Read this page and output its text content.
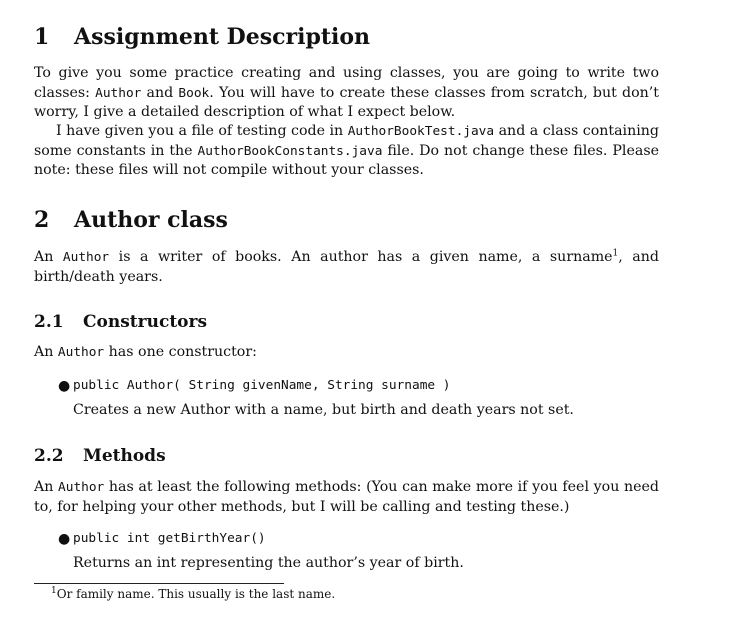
1 Assignment Description

To give you some practice creating and using classes, you are going to write two classes: Author and Book. You will have to create these classes from scratch, but don’t worry, I give a detailed description of what I expect below.

I have given you a file of testing code in AuthorBookTest.java and a class containing some constants in the AuthorBookConstants.java file. Do not change these files. Please note: these files will not compile without your classes.

2 Author class

An Author is a writer of books. An author has a given name, a surname$^1$, and birth/death years.

2.1 Constructors

An Author has one constructor:

● public Author( String givenName, String surname )
Creates a new Author with a name, but birth and death years not set.
2.2 Methods

An Author has at least the following methods: (You can make more if you feel you need to, for helping your other methods, but I will be calling and testing these.)

● public int getBirthYear()
Returns an int representing the author’s year of birth.
$^1$Or family name. This usually is the last name.
